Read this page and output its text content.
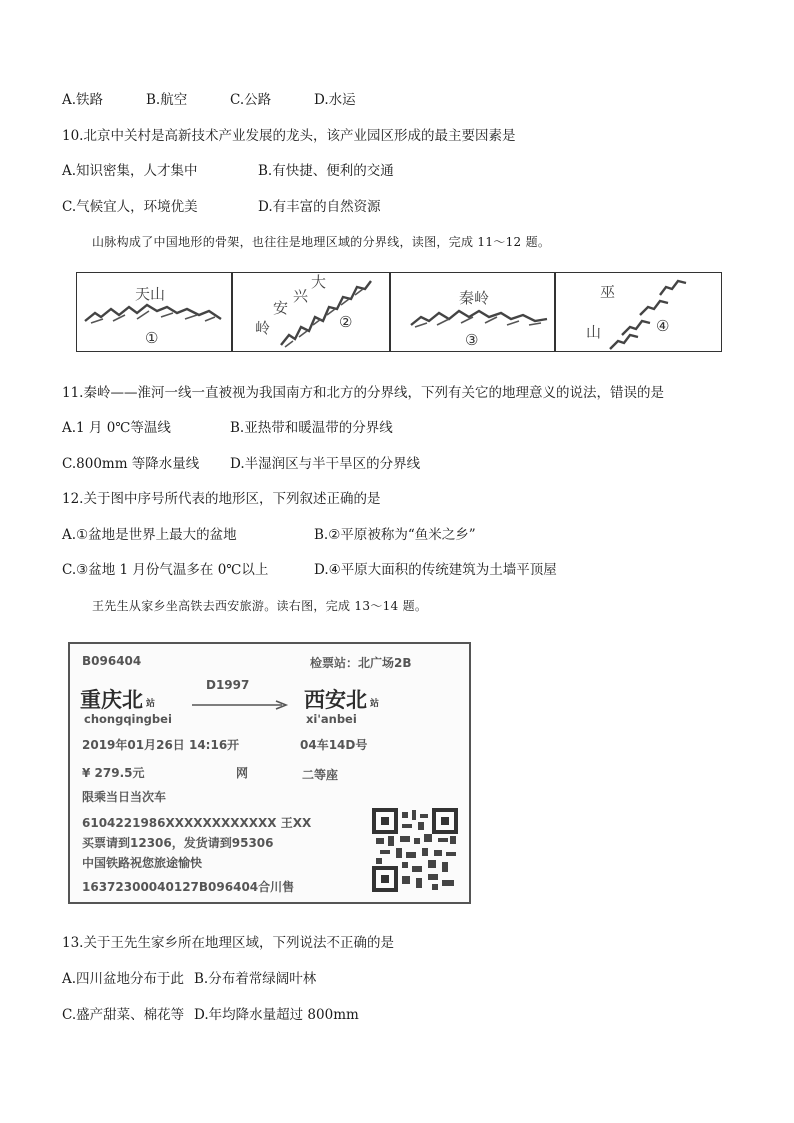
A.铁路	B.航空	C.公路	D.水运
10.北京中关村是高新技术产业发展的龙头，该产业园区形成的最主要因素是
A.知识密集，人才集中	B.有快捷、便利的交通
C.气候宜人，环境优美	D.有丰富的自然资源
山脉构成了中国地形的骨架，也往往是地理区域的分界线，读图，完成 11～12 题。
天山
①
大
兴
安
岭	②
秦岭
③
巫
山	④
11.秦岭——淮河一线一直被视为我国南方和北方的分界线，下列有关它的地理意义的说法，错误的是
A.1 月 0℃等温线	B.亚热带和暖温带的分界线
C.800mm 等降水量线 D.半湿润区与半干旱区的分界线
12.关于图中序号所代表的地形区，下列叙述正确的是
A.①盆地是世界上最大的盆地	B.②平原被称为“鱼米之乡”
C.③盆地 1 月份气温多在 0℃以上	D.④平原大面积的传统建筑为土墙平顶屋
王先生从家乡坐高铁去西安旅游。读右图，完成 13～14 题。
B096404	检票站：北广场2B
D1997
重庆北 站
chongqingbei
西安北 站
xi'anbei
2019年01月26日 14:16开	04车14D号
¥ 279.5元	网	二等座
限乘当日当次车
6104221986XXXXXXXXXXXX 王XX
买票请到12306，发货请到95306
中国铁路祝您旅途愉快
16372300040127B096404合川售
13.关于王先生家乡所在地理区域，下列说法不正确的是
A.四川盆地分布于此 B.分布着常绿阔叶林
C.盛产甜菜、棉花等 D.年均降水量超过 800mm
